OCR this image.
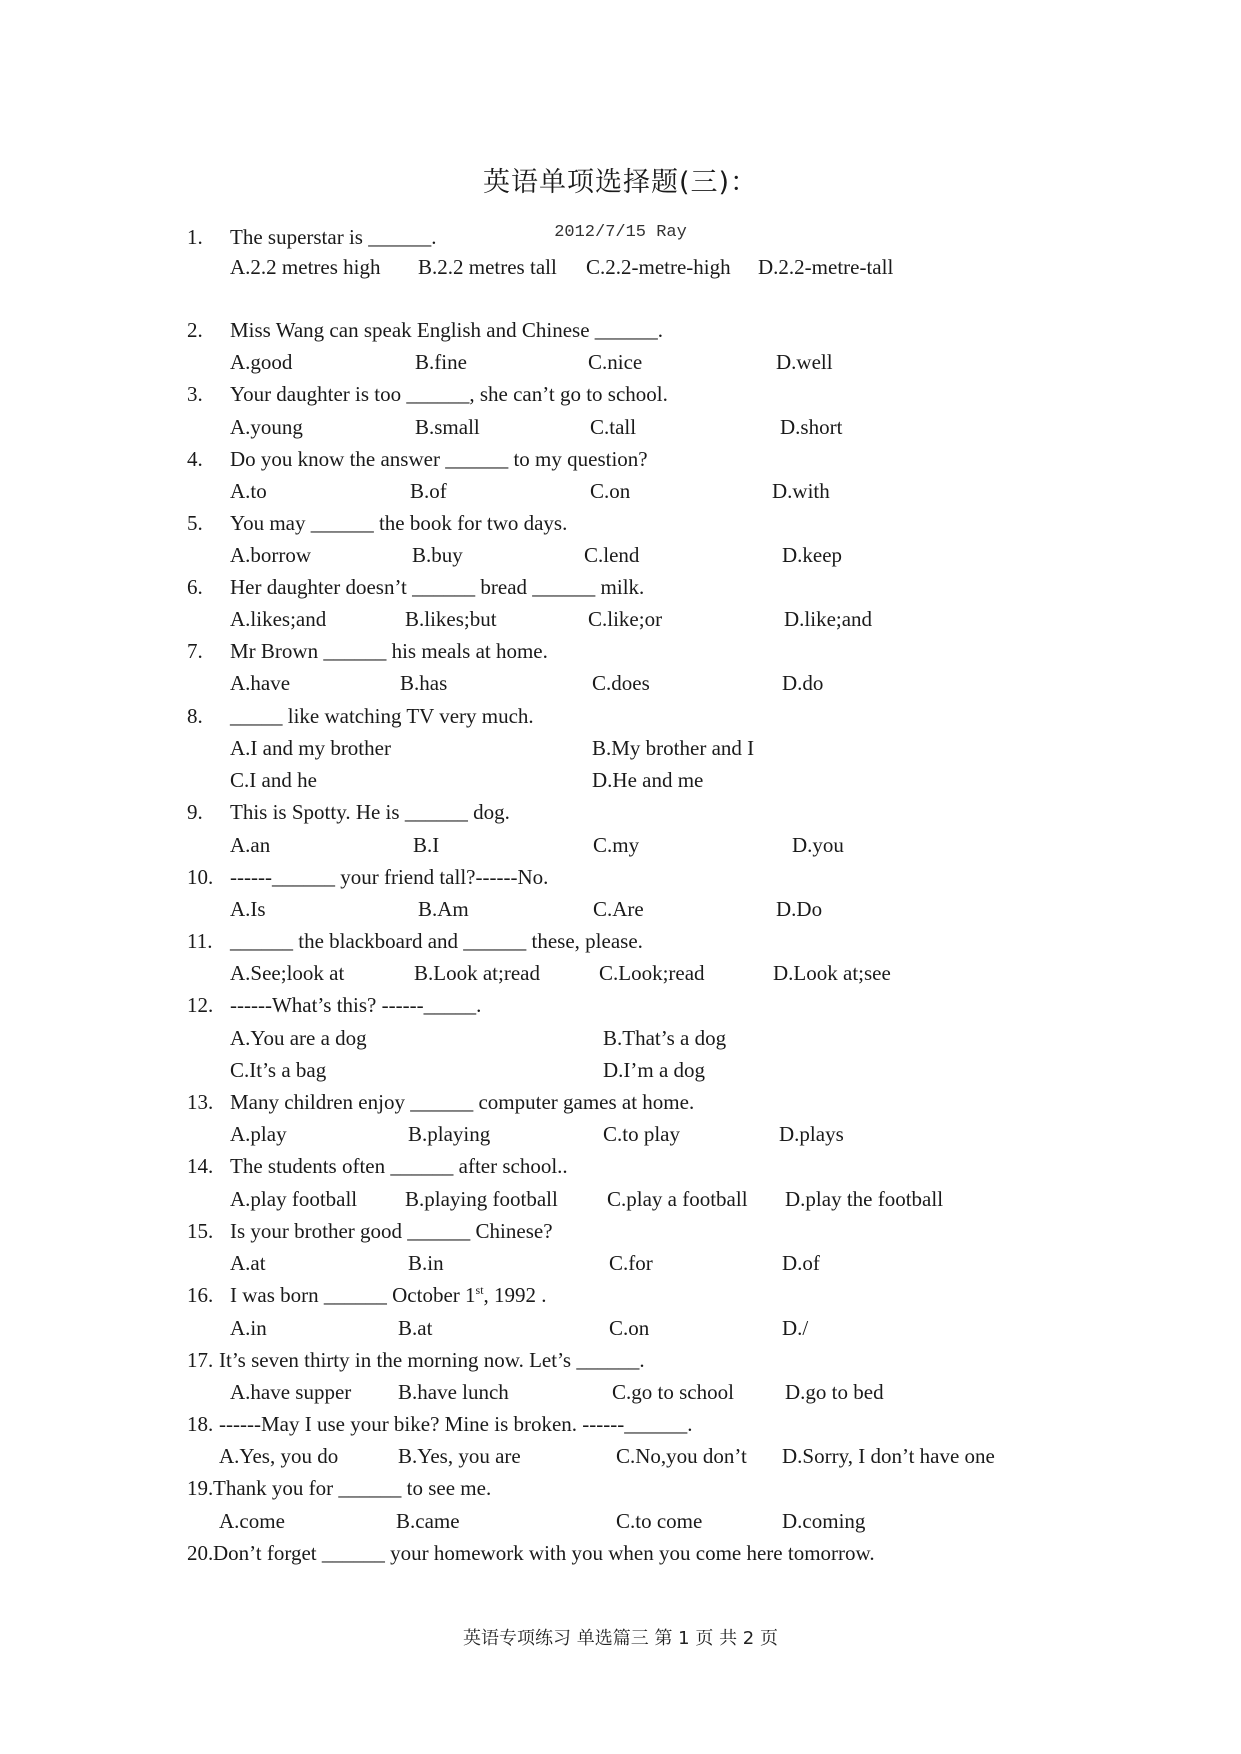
英语单项选择题(三)：
2012/7/15 Ray
1. The superstar is ______.
A.2.2 metres high B.2.2 metres tall C.2.2-metre-high D.2.2-metre-tall
2. Miss Wang can speak English and Chinese ______.
A.good	B.fine	C.nice	D.well
3. Your daughter is too ______, she can’t go to school.
A.young	B.small	C.tall	D.short
4. Do you know the answer ______ to my question?
A.to	B.of	C.on	D.with
5. You may ______ the book for two days.
A.borrow	B.buy	C.lend	D.keep
6. Her daughter doesn’t ______ bread ______ milk.
A.likes;and	B.likes;but	C.like;or	D.like;and
7. Mr Brown ______ his meals at home.
A.have	B.has	C.does	D.do
8. _____ like watching TV very much.
A.I and my brother	B.My brother and I
C.I and he	D.He and me
9. This is Spotty. He is ______ dog.
A.an	B.I	C.my	D.you
10. ------______ your friend tall?------No.
A.Is	B.Am	C.Are	D.Do
11. ______ the blackboard and ______ these, please.
A.See;look at	B.Look at;read	C.Look;read	D.Look at;see
12. ------What’s this? ------_____.
A.You are a dog	B.That’s a dog
C.It’s a bag	D.I’m a dog
13. Many children enjoy ______ computer games at home.
A.play	B.playing	C.to play	D.plays
14. The students often ______ after school..
A.play football B.playing football C.play a football D.play the football
15. Is your brother good ______ Chinese?
A.at	B.in	C.for	D.of
16. I was born ______ October 1st, 1992 .
A.in	B.at	C.on	D./
17. It’s seven thirty in the morning now. Let’s ______.
A.have supper B.have lunch	C.go to school D.go to bed
18. ------May I use your bike? Mine is broken. ------______.
A.Yes, you do	B.Yes, you are	C.No,you don’t D.Sorry, I don’t have one
19. Thank you for ______ to see me.
A.come	B.came	C.to come	D.coming
20. Don’t forget ______ your homework with you when you come here tomorrow.
英语专项练习 单选篇三 第 1 页 共 2 页
